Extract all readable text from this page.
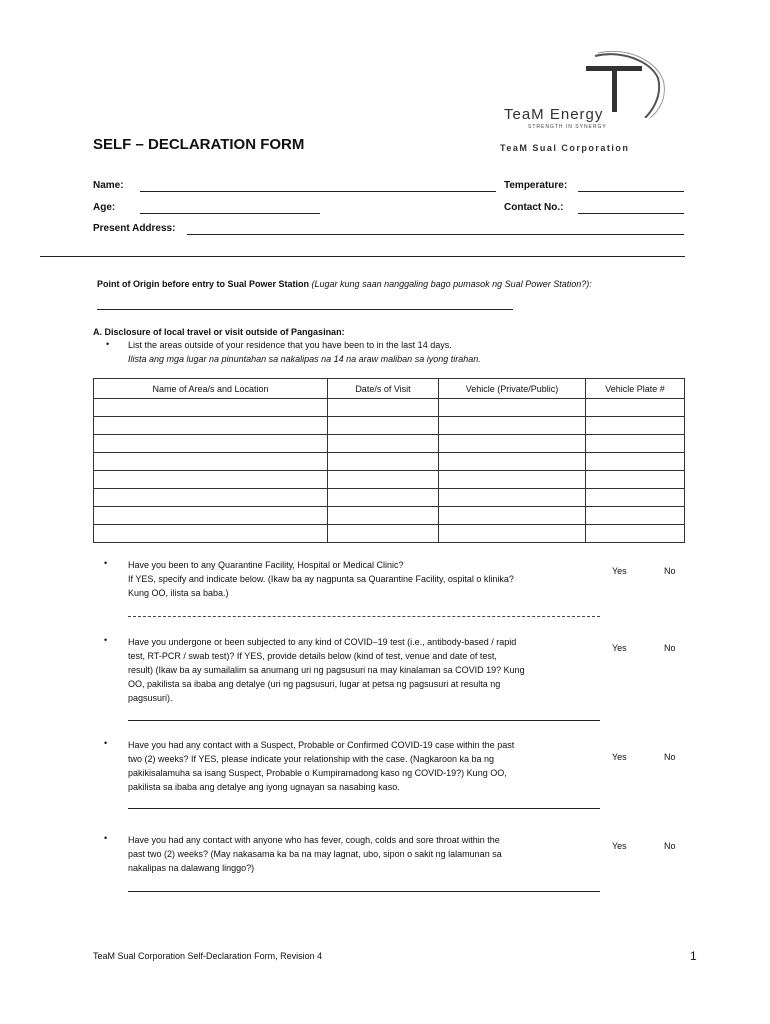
TeaM Energy
STRENGTH IN SYNERGY
TeaM Sual Corporation
SELF – DECLARATION FORM
Name:	Temperature:
Age:	Contact No.:
Present Address:
Point of Origin before entry to Sual Power Station (Lugar kung saan nanggaling bago pumasok ng Sual Power Station?):
A. Disclosure of local travel or visit outside of Pangasinan:
• List the areas outside of your residence that you have been to in the last 14 days.
Ilista ang mga lugar na pinuntahan sa nakalipas na 14 na araw maliban sa iyong tirahan.
Name of Area/s and Location	Date/s of Visit	Vehicle (Private/Public)	Vehicle Plate #

• Have you been to any Quarantine Facility, Hospital or Medical Clinic?
If YES, specify and indicate below. (Ikaw ba ay nagpunta sa Quarantine Facility, ospital o klinika?
Kung OO, ilista sa baba.)
Yes	No
• Have you undergone or been subjected to any kind of COVID–19 test (i.e., antibody-based / rapid
test, RT-PCR / swab test)? If YES, provide details below (kind of test, venue and date of test,
result) (Ikaw ba ay sumailalim sa anumang uri ng pagsusuri na may kinalaman sa COVID 19? Kung
OO, pakilista sa ibaba ang detalye (uri ng pagsusuri, lugar at petsa ng pagsusuri at resulta ng
pagsusuri).
Yes	No
• Have you had any contact with a Suspect, Probable or Confirmed COVID-19 case within the past
two (2) weeks? If YES, please indicate your relationship with the case. (Nagkaroon ka ba ng
pakikisalamuha sa isang Suspect, Probable o Kumpiramadong kaso ng COVID-19?) Kung OO,
pakilista sa ibaba ang detalye ang iyong ugnayan sa nasabing kaso.
Yes	No
• Have you had any contact with anyone who has fever, cough, colds and sore throat within the
past two (2) weeks? (May nakasama ka ba na may lagnat, ubo, sipon o sakit ng lalamunan sa
nakalipas na dalawang linggo?)
Yes	No
TeaM Sual Corporation Self-Declaration Form, Revision 4	1
